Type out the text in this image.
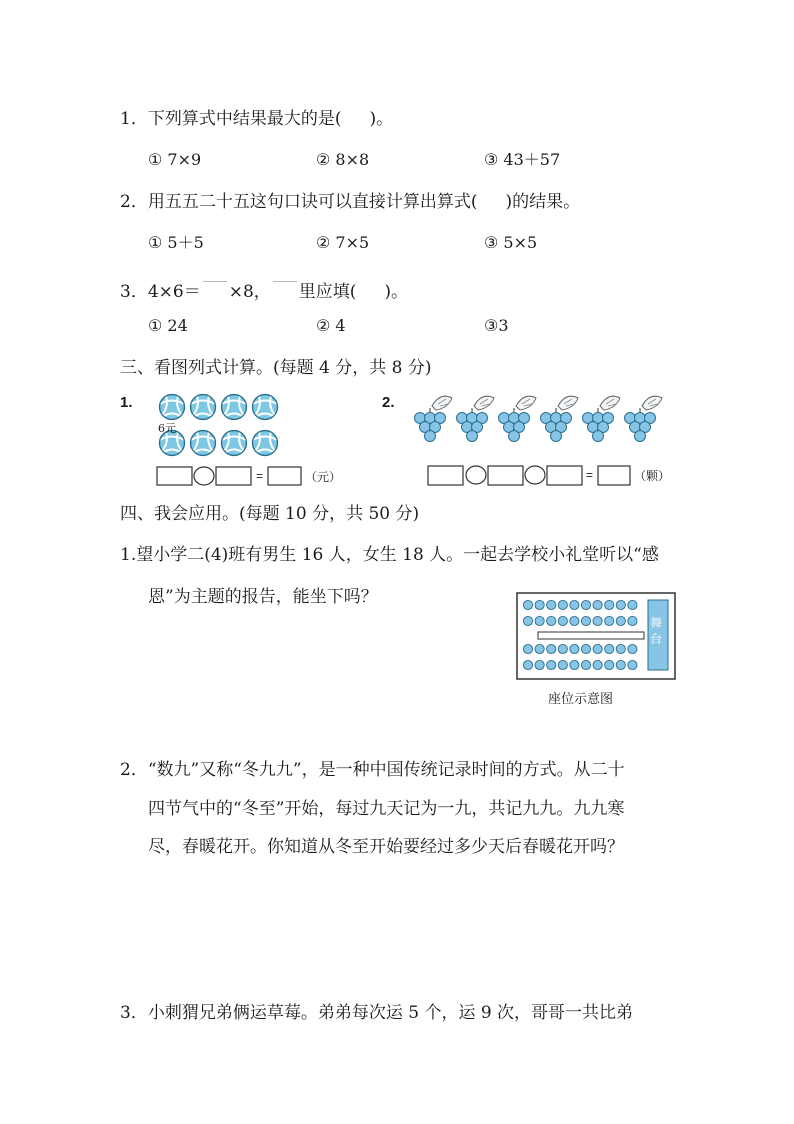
1．下列算式中结果最大的是( )。
① 7×9	② 8×8	③ 43＋57
2．用五五二十五这句口诀可以直接计算出算式( )的结果。
① 5＋5	② 7×5	③ 5×5
3．4×6＝ ×8， 里应填( )。
① 24	② 4	③3
三、看图列式计算。(每题 4 分，共 8 分)
1.
6元
=	（元）
2.
=	（颗）
四、我会应用。(每题 10 分，共 50 分)
1.望小学二(4)班有男生 16 人，女生 18 人。一起去学校小礼堂听以“感
恩”为主题的报告，能坐下吗？
舞台
座位示意图
2．“数九”又称“冬九九”，是一种中国传统记录时间的方式。从二十
四节气中的“冬至”开始，每过九天记为一九，共记九九。九九寒
尽，春暖花开。你知道从冬至开始要经过多少天后春暖花开吗？
3．小刺猬兄弟俩运草莓。弟弟每次运 5 个，运 9 次，哥哥一共比弟
